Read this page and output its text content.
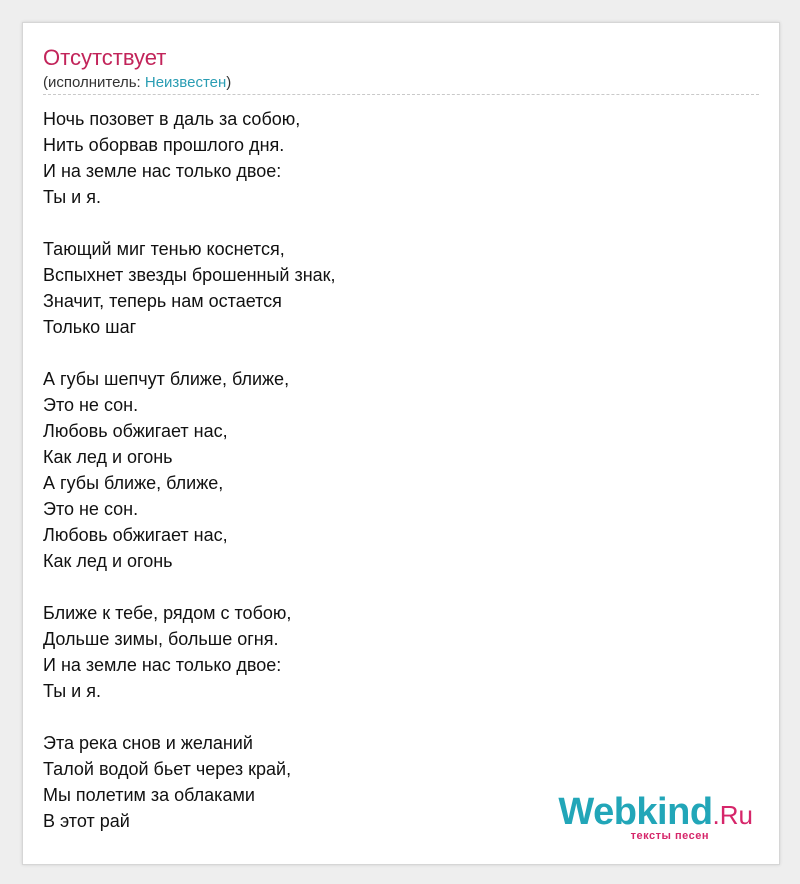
Отсутствует
(исполнитель: Неизвестен)
Ночь позовет в даль за собою,
Нить оборвав прошлого дня.
И на земле нас только двое:
Ты и я.
Тающий миг тенью коснется,
Вспыхнет звезды брошенный знак,
Значит, теперь нам остается
Только шаг
А губы шепчут ближе, ближе,
Это не сон.
Любовь обжигает нас,
Как лед и огонь
А губы ближе, ближе,
Это не сон.
Любовь обжигает нас,
Как лед и огонь
Ближе к тебе, рядом с тобою,
Дольше зимы, больше огня.
И на земле нас только двое:
Ты и я.
Эта река снов и желаний
Талой водой бьет через край,
Мы полетим за облаками
В этот рай	Webkind.Ru
тексты песен
